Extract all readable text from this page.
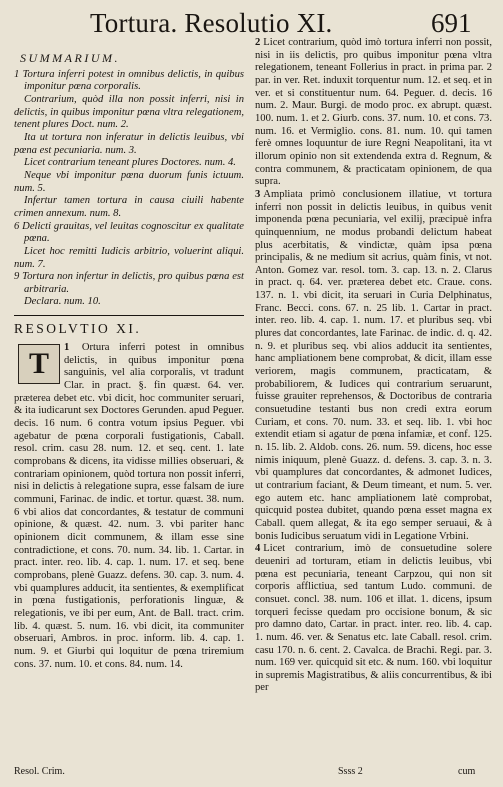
Tortura. Resolutio XI.	691
SUMMARIUM.

1 Tortura inferri potest in omnibus delictis, in quibus imponitur pœna corporalis.

Contrarium, quòd illa non possit inferri, nisi in delictis, in quibus imponitur pœna vltra relegationem, tenent plures Doct. num. 2.

Ita ut tortura non inferatur in delictis leuibus, vbi pœna est pecuniaria. num. 3.

Licet contrarium teneant plures Doctores. num. 4.

Neque vbi imponitur pœna duorum funis ictuum. num. 5.

Infertur tamen tortura in causa ciuili habente crimen annexum. num. 8.

6 Delicti grauitas, vel leuitas cognoscitur ex qualitate pœna.

Licet hoc remitti Iudicis arbitrio, voluerint aliqui. num. 7.

9 Tortura non infertur in delictis, pro quibus pœna est arbitraria.

Declara. num. 10.

RESOLVTIO XI.
1
T	Ortura inferri potest in omnibus delictis, in quibus imponitur pœna sanguinis, vel alia corporalis, vt tradunt Clar. in pract. §. fin quæst. 64. ver. præterea debet etc. vbi dicit, hoc communiter seruari, & ita iudicarunt sex Doctores Gerunden. apud Peguer. decis. 16 num. 6 contra votum ipsius Peguer. vbi agebatur de pœna corporali fustigationis, Caball. resol. crim. casu 28. num. 12. et seq. cent. 1. late comprobans & dicens, ita vidisse millies obseruari, & contrariam opinionem, quòd tortura non possit inferri, nisi in delictis à relegatione supra, esse falsam de iure communi, Farinac. de indic. et tortur. quæst. 38. num. 6 vbi alios dat concordantes, & testatur de communi opinione, & quæst. 42. num. 3. vbi pariter hanc opinionem dicit communem, & illam esse sine contradictione, et cons. 70. num. 34. lib. 1. Cartar. in pract. inter. reo. lib. 4. cap. 1. num. 17. et seq. bene comprobans, plenè Guazz. defens. 30. cap. 3. num. 4. vbi quamplures adducit, ita sentientes, & exemplificat in pœna fustigationis, perforationis linguæ, & relegationis, ve ibi per eum, Ant. de Ball. tract. crim. lib. 4. quæst. 5. num. 16. vbi dicit, ita communiter obseruari, Ambros. in proc. inform. lib. 4. cap. 1. num. 9. et Giurbi qui loquitur de pœna triremium cons. 37. num. 10. et cons. 84. num. 14.

2 Licet contrarium, quòd imò tortura inferri non possit, nisi in iis delictis, pro quibus imponitur pœna vltra relegationem, teneant Follerius in pract. in prima par. 2 par. in ver. Ret. induxit torquentur num. 12. et seq. et in ver. et si constituentur num. 64. Peguer. d. decis. 16 num. 2. Maur. Burgi. de modo proc. ex abrupt. quæst. 100. num. 1. et 2. Giurb. cons. 37. num. 10. et cons. 73. num. 16. et Vermiglio. cons. 81. num. 10. qui tamen ferè omnes loquuntur de iure Regni Neapolitani, ita vt illorum opinio non sit extendenda extra d. Regnum, & contra communem, & practicatam opinionem, de qua supra.

3 Ampliata primò conclusionem illatiue, vt tortura inferri non possit in delictis leuibus, in quibus venit imponenda pœna pecuniaria, vel exilij, præcipuè infra quinquennium, ne modus probandi delictum habeat plus acerbitatis, & vindictæ, quàm ipsa pœna principalis, & ne medium sit acrius, quàm finis, vt not. Anton. Gomez var. resol. tom. 3. cap. 13. n. 2. Clarus in pract. q. 64. ver. præterea debet etc. Craue. cons. 137. n. 1. vbi dicit, ita seruari in Curia Delphinatus, Franc. Becci. cons. 67. n. 25 lib. 1. Cartar in pract. inter. reo. lib. 4. cap. 1. num. 17. et pluribus seq. vbi plures dat concordantes, late Farinac. de indic. d. q. 42. n. 9. et pluribus seq. vbi alios adducit ita sentientes, hanc ampliationem bene comprobat, & dicit, illam esse veriorem, magis communem, practicatam, & probabiliorem, & Iudices qui contrarium seruarunt, fuisse grauiter reprehensos, & Doctoribus de contraria consuetudine testanti bus non credi extra eorum Curiam, et cons. 70. num. 33. et seq. lib. 1. vbi hoc extendit etiam si agatur de pœna infamiæ, et conf. 125. n. 15. lib. 2. Aldob. cons. 26. num. 59. dicens, hoc esse nimis iniquum, plenè Guazz. d. defens. 3. cap. 3. n. 3. vbi quamplures dat concordantes, & admonet Iudices, ut contrarium faciant, & Deum timeant, et num. 5. ver. ego autem etc. hanc ampliationem latè comprobat, quicquid postea dubitet, quando pœna esset magna ex Caball. quem allegat, & ita ego semper seruaui, & à bonis Iudicibus seruatum vidi in Legatione Vrbini.

4 Licet contrarium, imò de consuetudine solere deueniri ad torturam, etiam in delictis leuibus, vbi pœna est pecuniaria, teneant Carpzou, qui non sit corporis afflictiua, sed tantum Ludo. communi. de consuet. concl. 38. num. 106 et illat. 1. dicens, ipsum torqueri fecisse quedam pro occisione bonum, & sic pro damno dato, Cartar. in pract. inter. reo. lib. 4. cap. 1. num. 46. ver. & Senatus etc. late Caball. resol. crim. casu 170. n. 6. cent. 2. Cavalca. de Brachi. Regi. par. 3. num. 169 ver. quicquid sit etc. & num. 160. vbi loquitur in supremis Magistratibus, & aliis concurrentibus, & ibi per

Resol. Crim.	Ssss 2	cum
